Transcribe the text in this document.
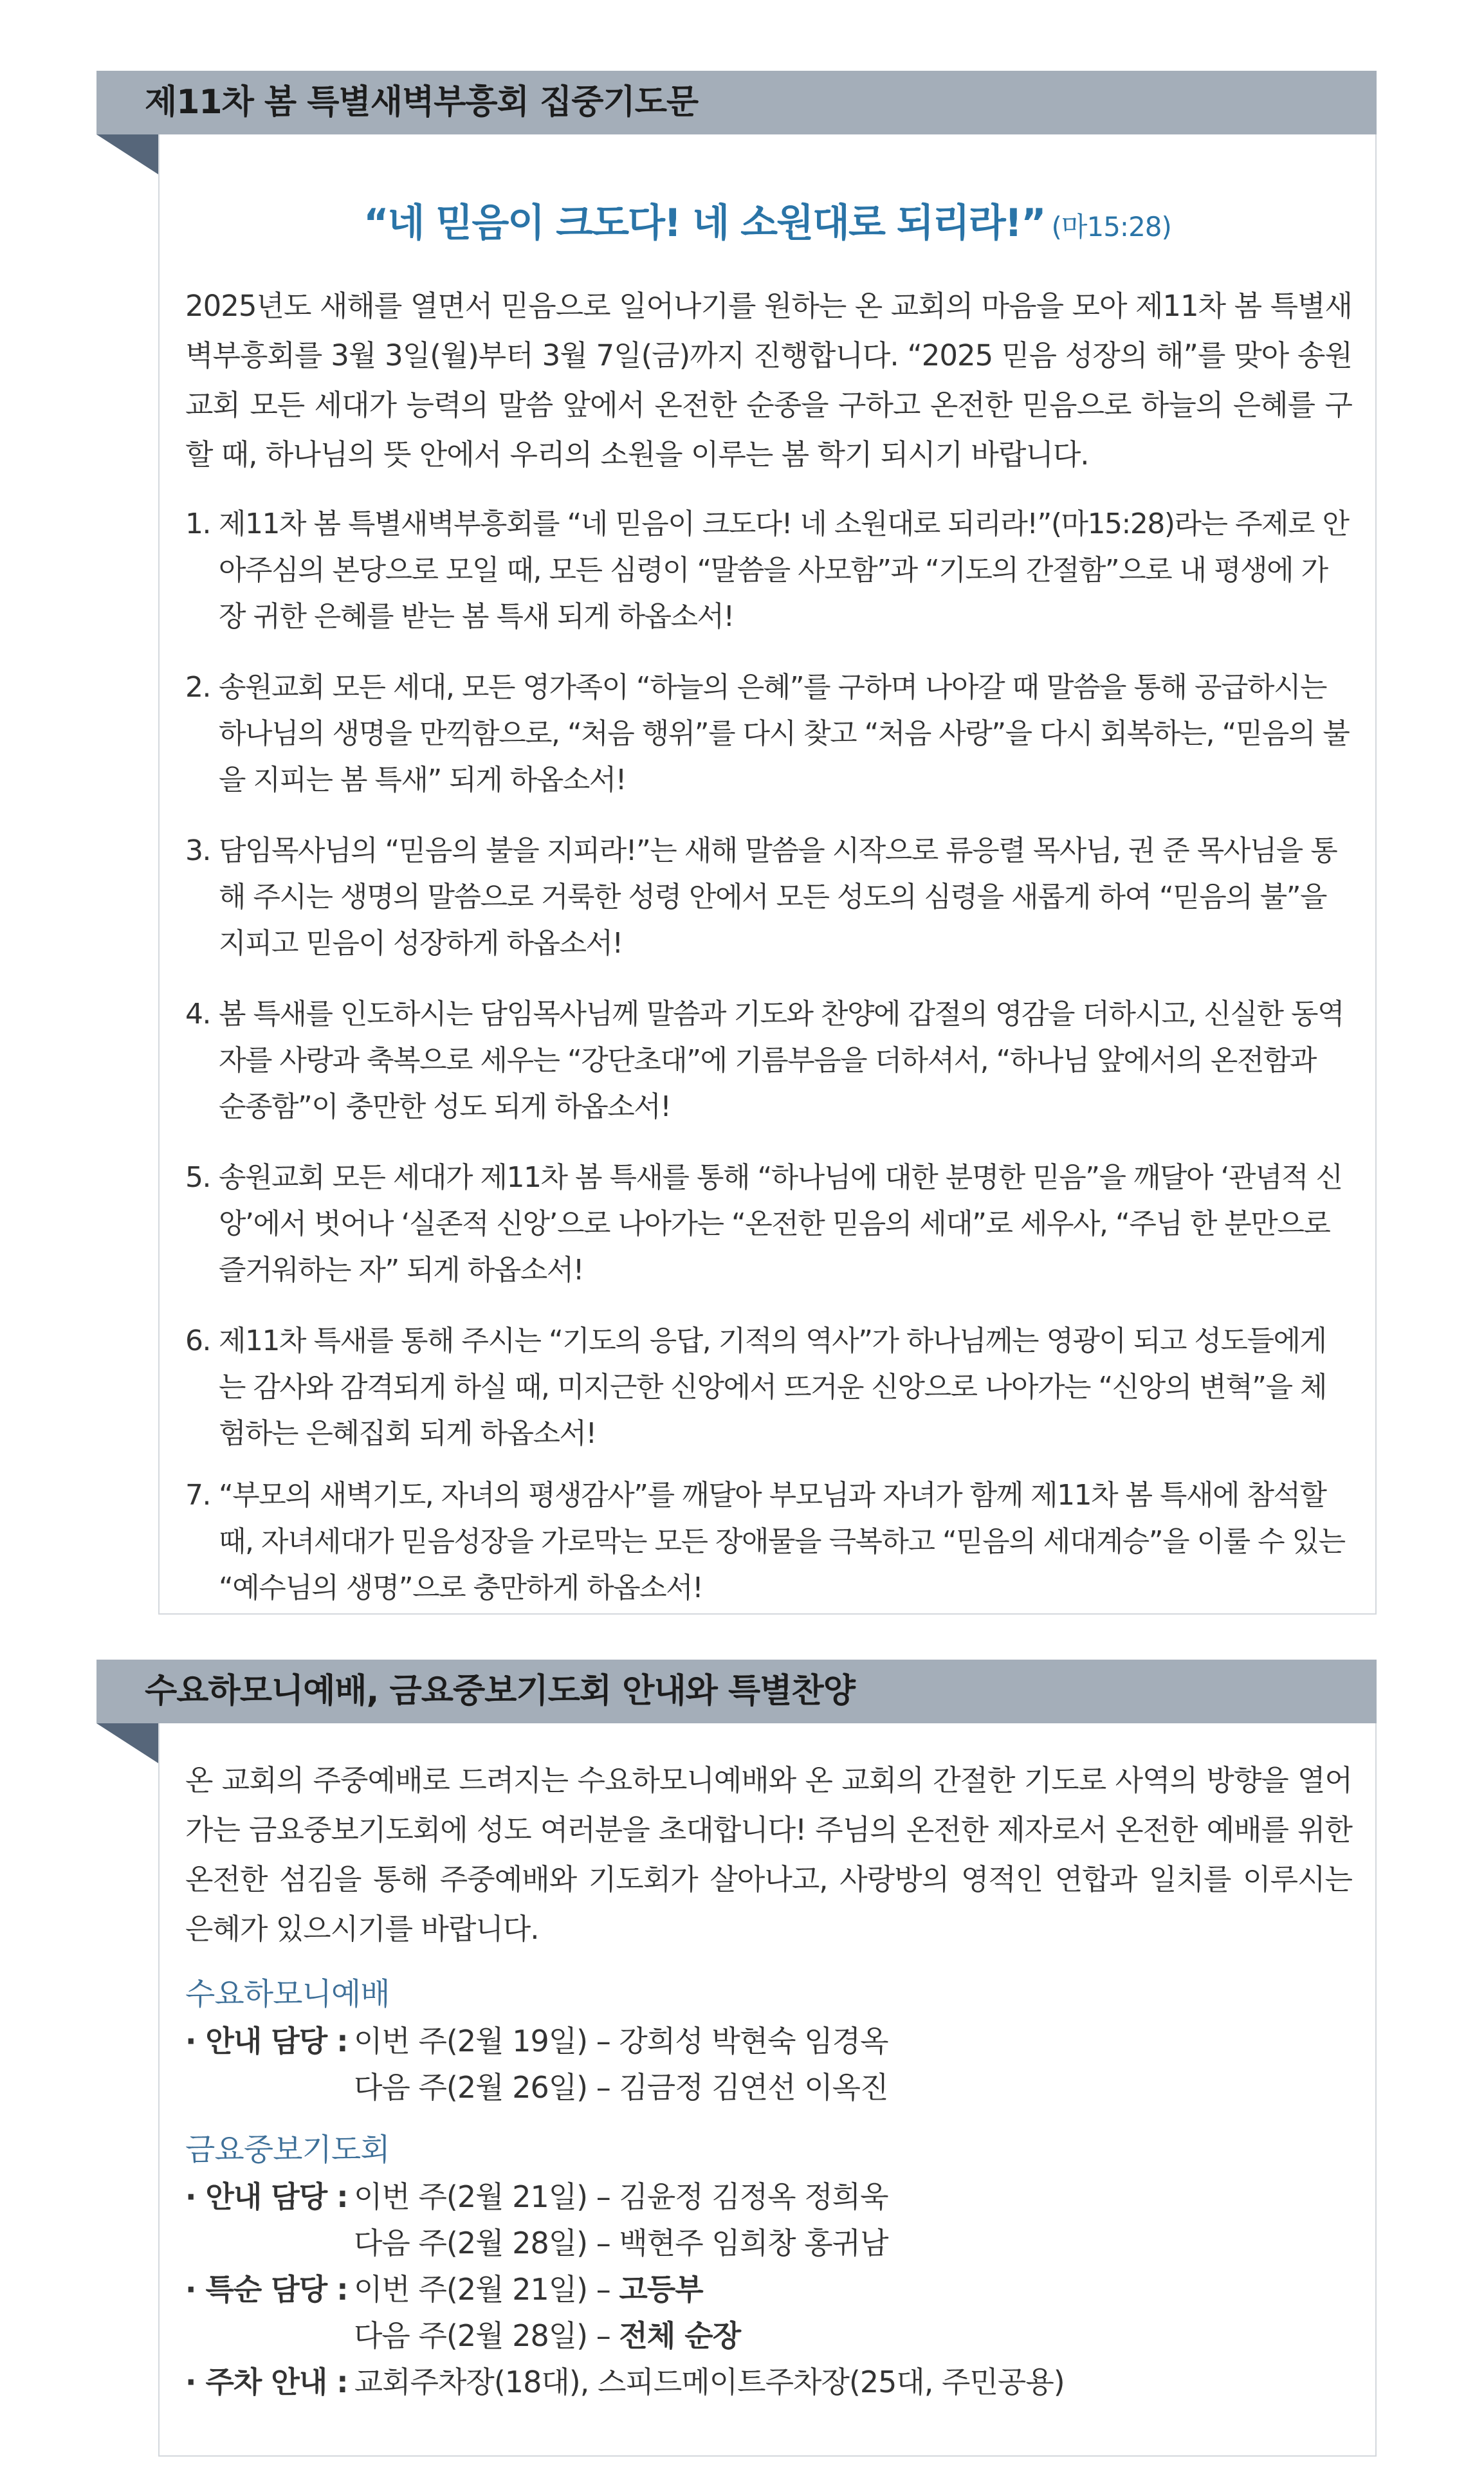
제11차 봄 특별새벽부흥회 집중기도문
“네 믿음이 크도다! 네 소원대로 되리라!” (마15:28)
2025년도 새해를 열면서 믿음으로 일어나기를 원하는 온 교회의 마음을 모아 제11차 봄 특별새벽부흥회를 3월 3일(월)부터 3월 7일(금)까지 진행합니다. “2025 믿음 성장의 해”를 맞아 송원교회 모든 세대가 능력의 말씀 앞에서 온전한 순종을 구하고 온전한 믿음으로 하늘의 은혜를 구할 때, 하나님의 뜻 안에서 우리의 소원을 이루는 봄 학기 되시기 바랍니다.
1. 제11차 봄 특별새벽부흥회를 “네 믿음이 크도다! 네 소원대로 되리라!”(마15:28)라는 주제로 안아주심의 본당으로 모일 때, 모든 심령이 “말씀을 사모함”과 “기도의 간절함”으로 내 평생에 가장 귀한 은혜를 받는 봄 특새 되게 하옵소서!
2. 송원교회 모든 세대, 모든 영가족이 “하늘의 은혜”를 구하며 나아갈 때 말씀을 통해 공급하시는 하나님의 생명을 만끽함으로, “처음 행위”를 다시 찾고 “처음 사랑”을 다시 회복하는, “믿음의 불을 지피는 봄 특새” 되게 하옵소서!
3. 담임목사님의 “믿음의 불을 지피라!”는 새해 말씀을 시작으로 류응렬 목사님, 권 준 목사님을 통해 주시는 생명의 말씀으로 거룩한 성령 안에서 모든 성도의 심령을 새롭게 하여 “믿음의 불”을 지피고 믿음이 성장하게 하옵소서!
4. 봄 특새를 인도하시는 담임목사님께 말씀과 기도와 찬양에 갑절의 영감을 더하시고, 신실한 동역자를 사랑과 축복으로 세우는 “강단초대”에 기름부음을 더하셔서, “하나님 앞에서의 온전함과 순종함”이 충만한 성도 되게 하옵소서!
5. 송원교회 모든 세대가 제11차 봄 특새를 통해 “하나님에 대한 분명한 믿음”을 깨달아 ‘관념적 신앙’에서 벗어나 ‘실존적 신앙’으로 나아가는 “온전한 믿음의 세대”로 세우사, “주님 한 분만으로 즐거워하는 자” 되게 하옵소서!
6. 제11차 특새를 통해 주시는 “기도의 응답, 기적의 역사”가 하나님께는 영광이 되고 성도들에게는 감사와 감격되게 하실 때, 미지근한 신앙에서 뜨거운 신앙으로 나아가는 “신앙의 변혁”을 체험하는 은혜집회 되게 하옵소서!
7. “부모의 새벽기도, 자녀의 평생감사”를 깨달아 부모님과 자녀가 함께 제11차 봄 특새에 참석할 때, 자녀세대가 믿음성장을 가로막는 모든 장애물을 극복하고 “믿음의 세대계승”을 이룰 수 있는 “예수님의 생명”으로 충만하게 하옵소서!
수요하모니예배, 금요중보기도회 안내와 특별찬양
온 교회의 주중예배로 드려지는 수요하모니예배와 온 교회의 간절한 기도로 사역의 방향을 열어가는 금요중보기도회에 성도 여러분을 초대합니다! 주님의 온전한 제자로서 온전한 예배를 위한 온전한 섬김을 통해 주중예배와 기도회가 살아나고, 사랑방의 영적인 연합과 일치를 이루시는 은혜가 있으시기를 바랍니다.
수요하모니예배
· 안내 담당 : 이번 주(2월 19일) – 강희성 박현숙 임경옥
다음 주(2월 26일) – 김금정 김연선 이옥진
금요중보기도회
· 안내 담당 : 이번 주(2월 21일) – 김윤정 김정옥 정희욱
다음 주(2월 28일) – 백현주 임희창 홍귀남
· 특순 담당 : 이번 주(2월 21일) – 고등부
다음 주(2월 28일) – 전체 순장
· 주차 안내 : 교회주차장(18대), 스피드메이트주차장(25대, 주민공용)
